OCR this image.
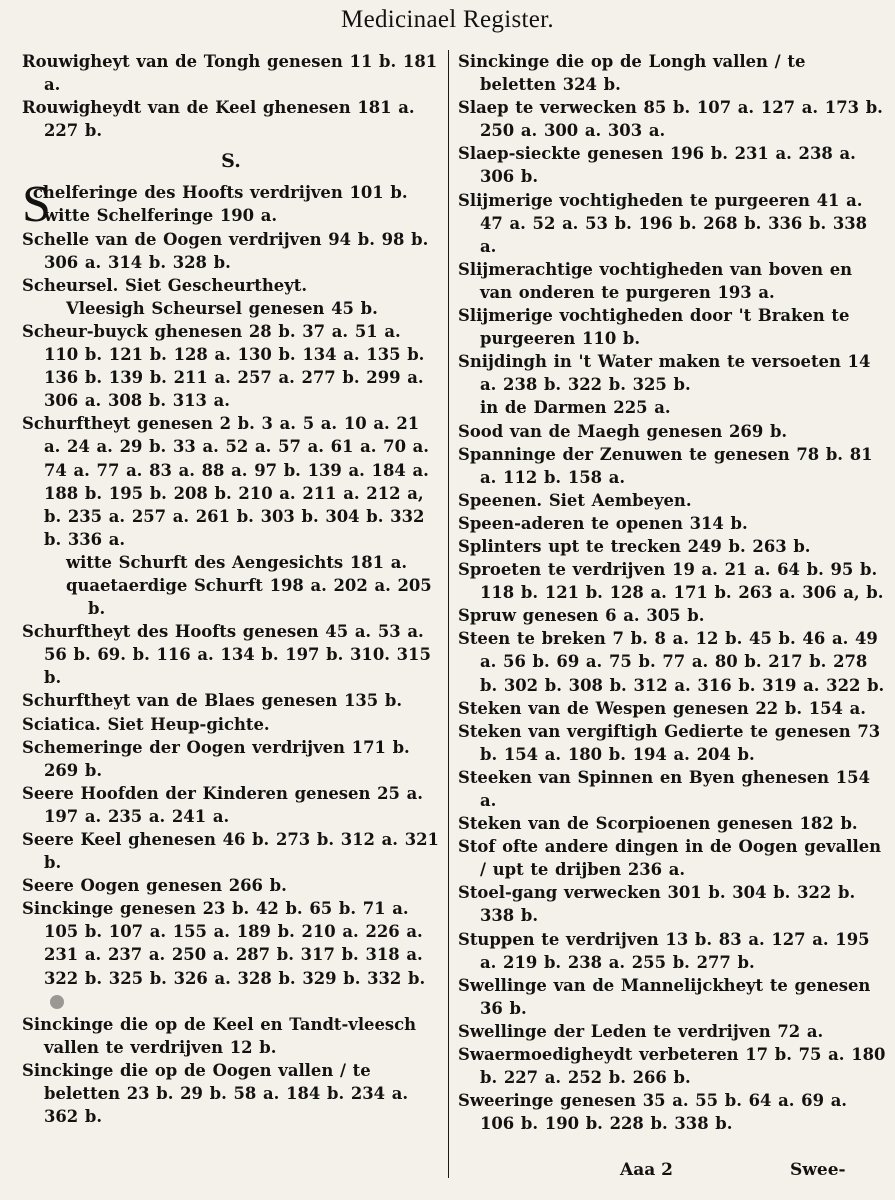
Medicinael Register.
Rouwigheyt van de Tongh genesen 11 b. 181 a.
Rouwigheydt van de Keel ghenesen 181 a. 227 b.
S.
S
chelferinge des Hoofts verdrijven 101 b.
witte Schelferinge 190 a.
Schelle van de Oogen verdrijven 94 b. 98 b. 306 a. 314 b. 328 b.
Scheursel. Siet Gescheurtheyt.
Vleesigh Scheursel genesen 45 b.
Scheur-buyck ghenesen 28 b. 37 a. 51 a. 110 b. 121 b. 128 a. 130 b. 134 a. 135 b. 136 b. 139 b. 211 a. 257 a. 277 b. 299 a. 306 a. 308 b. 313 a.
Schurftheyt genesen 2 b. 3 a. 5 a. 10 a. 21 a. 24 a. 29 b. 33 a. 52 a. 57 a. 61 a. 70 a. 74 a. 77 a. 83 a. 88 a. 97 b. 139 a. 184 a. 188 b. 195 b. 208 b. 210 a. 211 a. 212 a, b. 235 a. 257 a. 261 b. 303 b. 304 b. 332 b. 336 a.
witte Schurft des Aengesichts 181 a.
quaetaerdige Schurft 198 a. 202 a. 205 b.
Schurftheyt des Hoofts genesen 45 a. 53 a. 56 b. 69. b. 116 a. 134 b. 197 b. 310. 315 b.
Schurftheyt van de Blaes genesen 135 b.
Sciatica. Siet Heup-gichte.
Schemeringe der Oogen verdrijven 171 b. 269 b.
Seere Hoofden der Kinderen genesen 25 a. 197 a. 235 a. 241 a.
Seere Keel ghenesen 46 b. 273 b. 312 a. 321 b.
Seere Oogen genesen 266 b.
Sinckinge genesen 23 b. 42 b. 65 b. 71 a. 105 b. 107 a. 155 a. 189 b. 210 a. 226 a. 231 a. 237 a. 250 a. 287 b. 317 b. 318 a. 322 b. 325 b. 326 a. 328 b. 329 b. 332 b.
Sinckinge die op de Keel en Tandt-vleesch vallen te verdrijven 12 b.
Sinckinge die op de Oogen vallen / te beletten 23 b. 29 b. 58 a. 184 b. 234 a. 362 b.
Sinckinge die op de Longh vallen / te beletten 324 b.
Slaep te verwecken 85 b. 107 a. 127 a. 173 b. 250 a. 300 a. 303 a.
Slaep-sieckte genesen 196 b. 231 a. 238 a. 306 b.
Slijmerige vochtigheden te purgeeren 41 a. 47 a. 52 a. 53 b. 196 b. 268 b. 336 b. 338 a.
Slijmerachtige vochtigheden van boven en van onderen te purgeren 193 a.
Slijmerige vochtigheden door 't Braken te purgeeren 110 b.
Snijdingh in 't Water maken te versoeten 14 a. 238 b. 322 b. 325 b.
in de Darmen 225 a.
Sood van de Maegh genesen 269 b.
Spanninge der Zenuwen te genesen 78 b. 81 a. 112 b. 158 a.
Speenen. Siet Aembeyen.
Speen-aderen te openen 314 b.
Splinters upt te trecken 249 b. 263 b.
Sproeten te verdrijven 19 a. 21 a. 64 b. 95 b. 118 b. 121 b. 128 a. 171 b. 263 a. 306 a, b.
Spruw genesen 6 a. 305 b.
Steen te breken 7 b. 8 a. 12 b. 45 b. 46 a. 49 a. 56 b. 69 a. 75 b. 77 a. 80 b. 217 b. 278 b. 302 b. 308 b. 312 a. 316 b. 319 a. 322 b.
Steken van de Wespen genesen 22 b. 154 a.
Steken van vergiftigh Gedierte te genesen 73 b. 154 a. 180 b. 194 a. 204 b.
Steeken van Spinnen en Byen ghenesen 154 a.
Steken van de Scorpioenen genesen 182 b.
Stof ofte andere dingen in de Oogen gevallen / upt te drijben 236 a.
Stoel-gang verwecken 301 b. 304 b. 322 b. 338 b.
Stuppen te verdrijven 13 b. 83 a. 127 a. 195 a. 219 b. 238 a. 255 b. 277 b.
Swellinge van de Mannelijckheyt te genesen 36 b.
Swellinge der Leden te verdrijven 72 a.
Swaermoedigheydt verbeteren 17 b. 75 a. 180 b. 227 a. 252 b. 266 b.
Sweeringe genesen 35 a. 55 b. 64 a. 69 a. 106 b. 190 b. 228 b. 338 b.
Aaa 2	Swee-
